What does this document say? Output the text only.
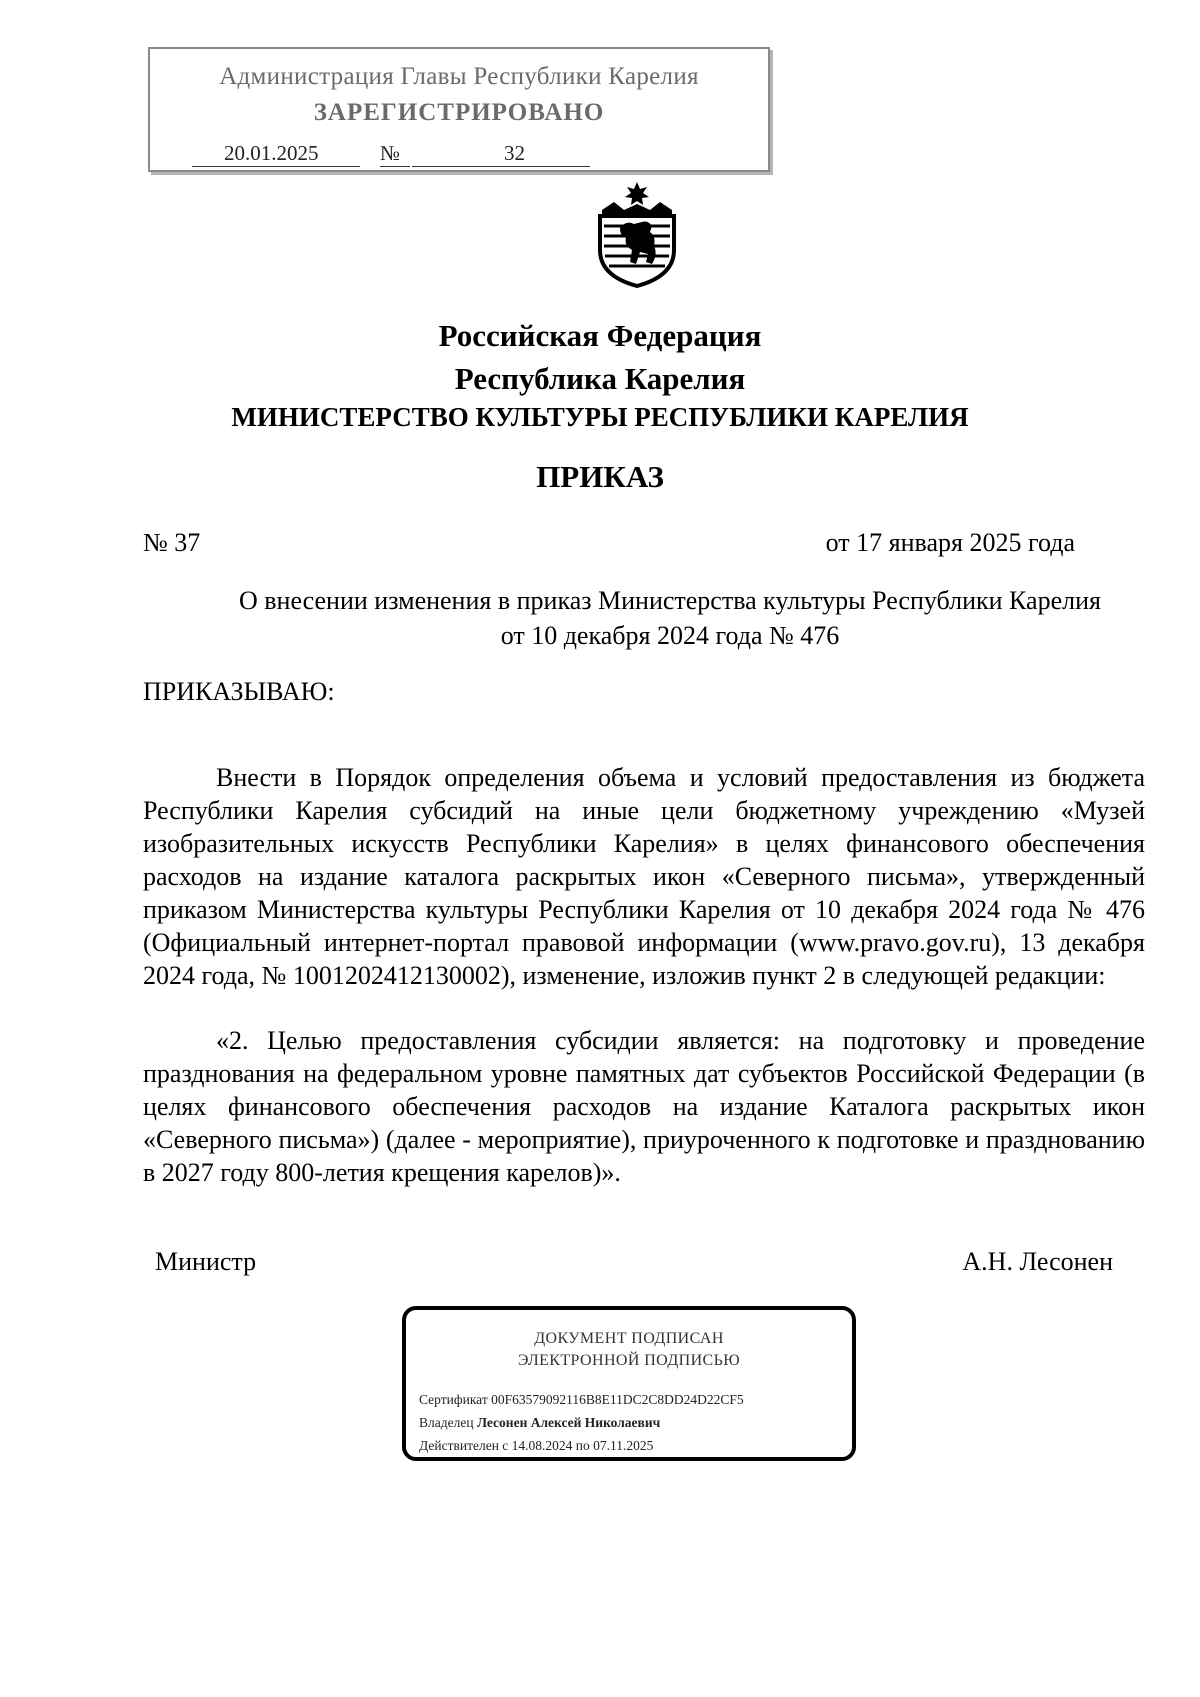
Администрация Главы Республики Карелия
ЗАРЕГИСТРИРОВАНО
20.01.2025	№	32
Российская Федерация
Республика Карелия
МИНИСТЕРСТВО КУЛЬТУРЫ РЕСПУБЛИКИ КАРЕЛИЯ
ПРИКАЗ
№ 37	от 17 января 2025 года
О внесении изменения в приказ Министерства культуры Республики Карелия
от 10 декабря 2024 года № 476
ПРИКАЗЫВАЮ:
Внести в Порядок определения объема и условий предоставления из бюджета Республики Карелия субсидий на иные цели бюджетному учреждению «Музей изобразительных искусств Республики Карелия» в целях финансового обеспечения расходов на издание каталога раскрытых икон «Северного письма», утвержденный приказом Министерства культуры Республики Карелия от 10 декабря 2024 года № 476 (Официальный интернет-портал правовой информации (www.pravo.gov.ru), 13 декабря 2024 года, № 1001202412130002), изменение, изложив пункт 2 в следующей редакции:
«2. Целью предоставления субсидии является: на подготовку и проведение празднования на федеральном уровне памятных дат субъектов Российской Федерации (в целях финансового обеспечения расходов на издание Каталога раскрытых икон «Северного письма») (далее - мероприятие), приуроченного к подготовке и празднованию в 2027 году 800-летия крещения карелов)».
Министр	А.Н. Лесонен
ДОКУМЕНТ ПОДПИСАН
ЭЛЕКТРОННОЙ ПОДПИСЬЮ
Сертификат 00F63579092116B8E11DC2C8DD24D22CF5
Владелец Лесонен Алексей Николаевич
Действителен с 14.08.2024 по 07.11.2025
